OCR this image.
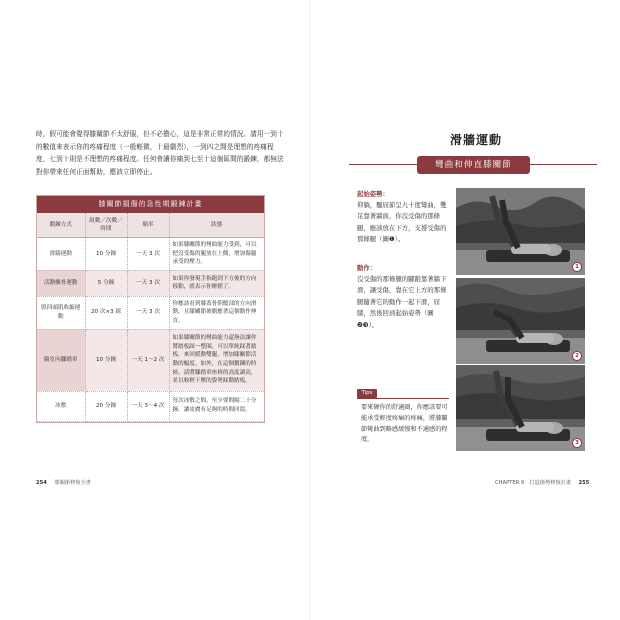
時，假可能會覺得膝關節不太舒服，但不必擔心，這是非常正常的情況。請用一到十的數值來表示你的疼痛程度（一般輕微，十最劇烈），一到四之間是理想的疼痛程度，七到十則是不理想的疼痛程度。任何會讓你痛到七至十這個區間的鍛鍊，都無法對你帶來任何正面幫助，應該立即停止。
膝關節損傷的急性期鍛鍊計畫
鍛鍊方式	組數／次數／時間	頻率	狀態
滑牆運動	10 分鐘	一天 3 次	如果膝關節的彎曲能力受到，可以把沒受傷的腿放在上側，增加傷腿承受的壓力。
活動髕骨運動	5 分鐘	一天 3 次	如果你發現手指跑到下方後的方向移動，就表示你辦錯了。
股四頭肌收縮運動	20 次×3 組	一天 3 次	你應該看到膝蓋骨朝髖部的方向滑動，且膝關節後側應著這個動作伸直。
騎室內腳踏車	10 分鐘	一天 1～2 次	如果膝關節的彎曲能力還無法讓你將踏板踩一整圈，可以單純踩著踏板，來回緩動雙腿，增加膝關節活動的幅度。如外，在這個鍛鍊的時候，請將腳踏車座椅的高度調高，並以較輕下壓的姿勢踩動踏板。
冰敷	20 分鐘	一天 3～4 次	每次冰敷之間，至少要間隔二十分鐘，讓皮膚有足夠的時間回溫。
254 膝關節修復全書
滑牆運動
彎曲和伸直膝關節
起始姿勢：
仰躺，髖屈節呈九十度彎曲，雙足靠著牆面，你沒受傷的那條腿，應該放在下方，支撐受傷的那條腿（圖❶）。
動作：
沒受傷的那條腿的腳跟靠著牆下滑，讓受傷，靠在它上方的那條腿隨著它的動作一起下滑，屈膝，然後回到起始姿勢（圖❷❸）。
1
2
3
Tips
要來硬你的舒適圈，你應該要可能承受輕度疼痛的疼痛，將膝關節彎曲到略感緩慢和不適感的程度。
CHAPTER 9　打造傷勢修復計畫 255
